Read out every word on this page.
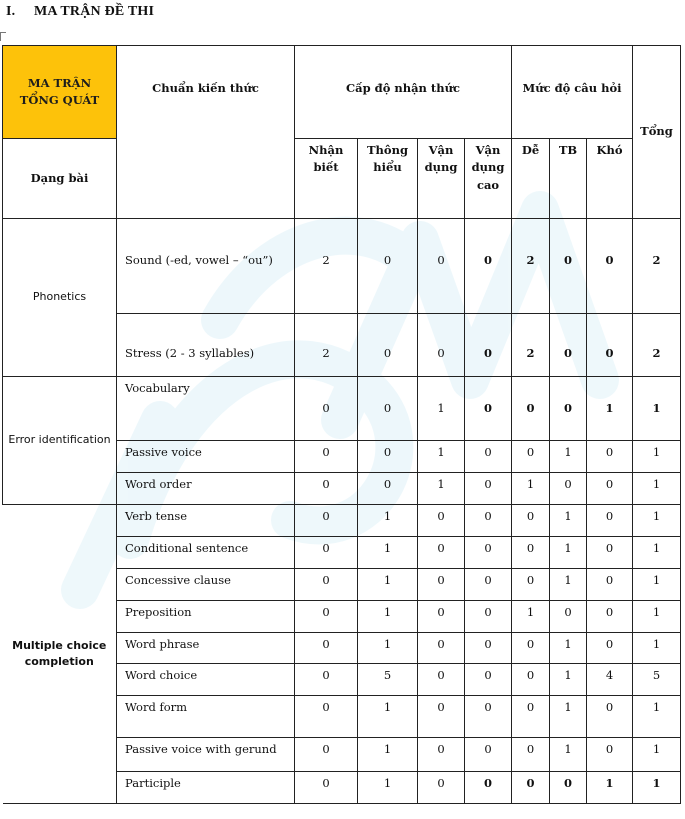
I. MA TRẬN ĐỀ THI
MA TRẬN TỔNG QUÁT	Chuẩn kiến thức	Cấp độ nhận thức				Mức độ câu hỏi			Tổng
Dạng bài		Nhận biết	Thông hiểu	Vận dụng	Vận dụng cao	Dễ	TB	Khó	
Phonetics	Sound (-ed, vowel – “ou”)	2	0	0	0	2	0	0	2
	Stress (2 - 3 syllables)	2	0	0	0	2	0	0	2
Error identification	Vocabulary	0	0	1	0	0	0	1	1
	Passive voice	0	0	1	0	0	1	0	1
	Word order	0	0	1	0	1	0	0	1
Multiple choice completion	Verb tense	0	1	0	0	0	1	0	1
	Conditional sentence	0	1	0	0	0	1	0	1
	Concessive clause	0	1	0	0	0	1	0	1
	Preposition	0	1	0	0	1	0	0	1
	Word phrase	0	1	0	0	0	1	0	1
	Word choice	0	5	0	0	0	1	4	5
	Word form	0	1	0	0	0	1	0	1
	Passive voice with gerund	0	1	0	0	0	1	0	1
	Participle	0	1	0	0	0	0	1	1
